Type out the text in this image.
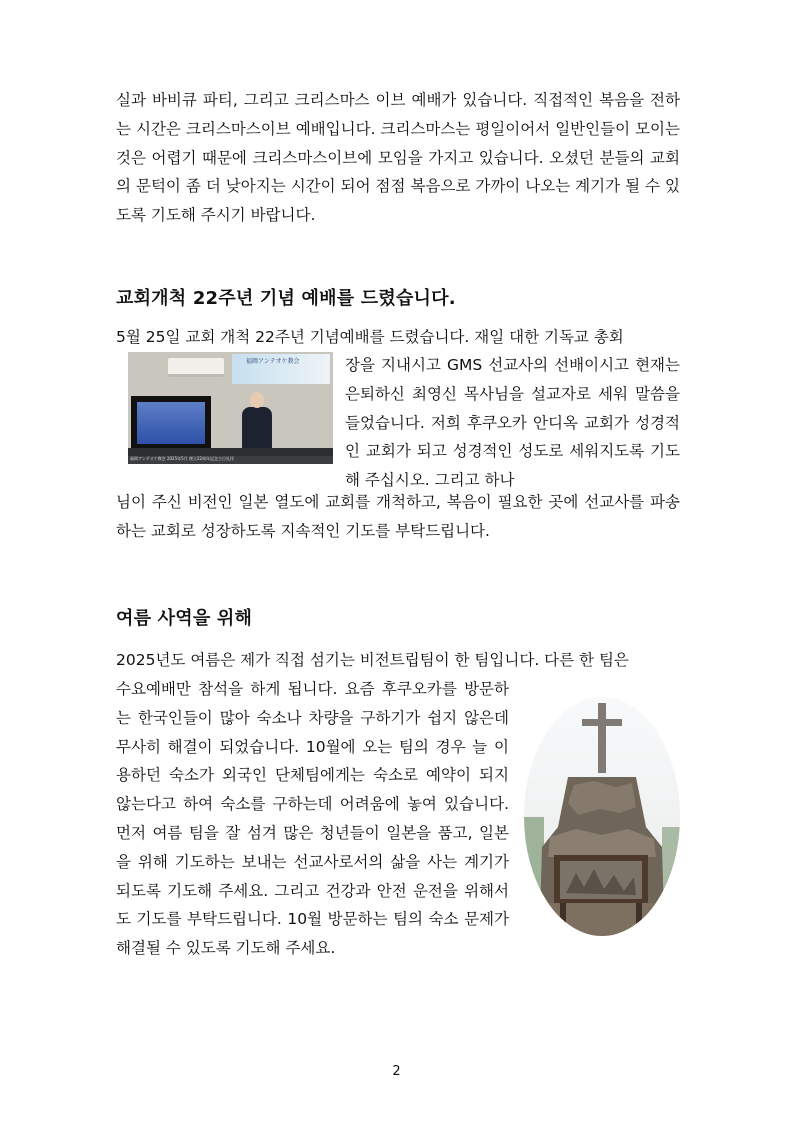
실과 바비큐 파티, 그리고 크리스마스 이브 예배가 있습니다. 직접적인 복음을 전하는 시간은 크리스마스이브 예배입니다. 크리스마스는 평일이어서 일반인들이 모이는 것은 어렵기 때문에 크리스마스이브에 모임을 가지고 있습니다. 오셨던 분들의 교회의 문턱이 좀 더 낮아지는 시간이 되어 점점 복음으로 가까이 나오는 계기가 될 수 있도록 기도해 주시기 바랍니다.

교회개척 22주년 기념 예배를 드렸습니다.

5월 25일 교회 개척 22주년 기념예배를 드렸습니다. 재일 대한 기독교 총회

福岡アンテオケ教会
福岡アンテオケ教会 2025年5月 創立22周年記念主日礼拝

장을 지내시고 GMS 선교사의 선배이시고 현재는 은퇴하신 최영신 목사님을 설교자로 세워 말씀을 들었습니다. 저희 후쿠오카 안디옥 교회가 성경적인 교회가 되고 성경적인 성도로 세워지도록 기도해 주십시오. 그리고 하나

님이 주신 비전인 일본 열도에 교회를 개척하고, 복음이 필요한 곳에 선교사를 파송하는 교회로 성장하도록 지속적인 기도를 부탁드립니다.

여름 사역을 위해

2025년도 여름은 제가 직접 섬기는 비전트립팀이 한 팀입니다. 다른 한 팀은

수요예배만 참석을 하게 됩니다. 요즘 후쿠오카를 방문하는 한국인들이 많아 숙소나 차량을 구하기가 쉽지 않은데 무사히 해결이 되었습니다. 10월에 오는 팀의 경우 늘 이용하던 숙소가 외국인 단체팀에게는 숙소로 예약이 되지 않는다고 하여 숙소를 구하는데 어려움에 놓여 있습니다. 먼저 여름 팀을 잘 섬겨 많은 청년들이 일본을 품고, 일본을 위해 기도하는 보내는 선교사로서의 삶을 사는 계기가 되도록 기도해 주세요. 그리고 건강과 안전 운전을 위해서도 기도를 부탁드립니다. 10월 방문하는 팀의 숙소 문제가 해결될 수 있도록 기도해 주세요.

2
